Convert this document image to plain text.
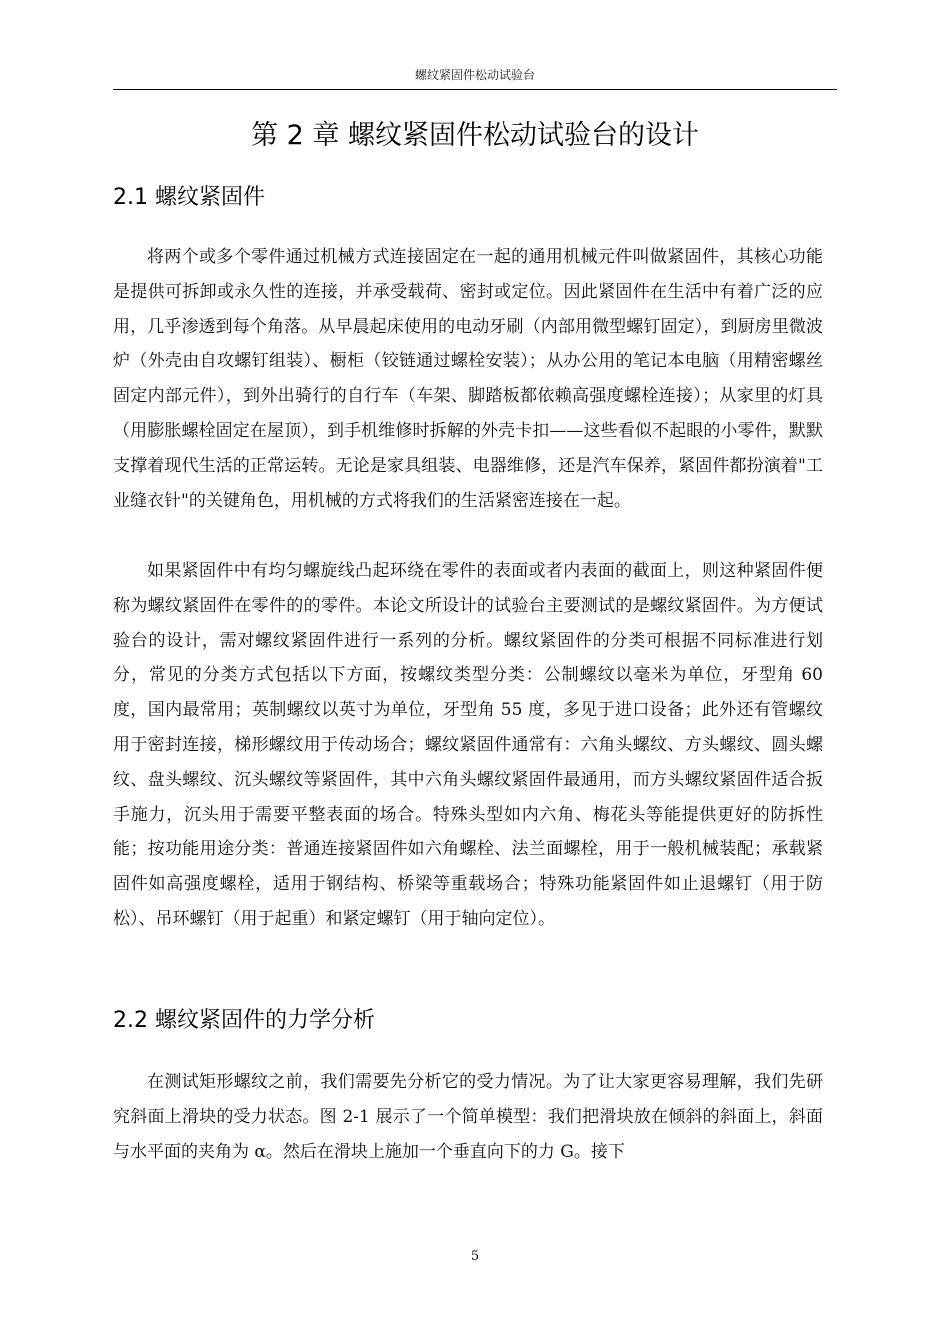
螺纹紧固件松动试验台
第 2 章 螺纹紧固件松动试验台的设计
2.1 螺纹紧固件

将两个或多个零件通过机械方式连接固定在一起的通用机械元件叫做紧固件，其核心功能是提供可拆卸或永久性的连接，并承受载荷、密封或定位。因此紧固件在生活中有着广泛的应用，几乎渗透到每个角落。从早晨起床使用的电动牙刷（内部用微型螺钉固定），到厨房里微波炉（外壳由自攻螺钉组装）、橱柜（铰链通过螺栓安装）；从办公用的笔记本电脑（用精密螺丝固定内部元件），到外出骑行的自行车（车架、脚踏板都依赖高强度螺栓连接）；从家里的灯具（用膨胀螺栓固定在屋顶），到手机维修时拆解的外壳卡扣——这些看似不起眼的小零件，默默支撑着现代生活的正常运转。无论是家具组装、电器维修，还是汽车保养，紧固件都扮演着"工业缝衣针"的关键角色，用机械的方式将我们的生活紧密连接在一起。

如果紧固件中有均匀螺旋线凸起环绕在零件的表面或者内表面的截面上，则这种紧固件便称为螺纹紧固件在零件的的零件。本论文所设计的试验台主要测试的是螺纹紧固件。为方便试验台的设计，需对螺纹紧固件进行一系列的分析。螺纹紧固件的分类可根据不同标准进行划分，常见的分类方式包括以下方面，按螺纹类型分类：公制螺纹以毫米为单位，牙型角 60 度，国内最常用；英制螺纹以英寸为单位，牙型角 55 度，多见于进口设备；此外还有管螺纹用于密封连接，梯形螺纹用于传动场合；螺纹紧固件通常有：六角头螺纹、方头螺纹、圆头螺纹、盘头螺纹、沉头螺纹等紧固件，其中六角头螺纹紧固件最通用，而方头螺纹紧固件适合扳手施力，沉头用于需要平整表面的场合。特殊头型如内六角、梅花头等能提供更好的防拆性能；按功能用途分类：普通连接紧固件如六角螺栓、法兰面螺栓，用于一般机械装配；承载紧固件如高强度螺栓，适用于钢结构、桥梁等重载场合；特殊功能紧固件如止退螺钉（用于防松）、吊环螺钉（用于起重）和紧定螺钉（用于轴向定位）。

2.2 螺纹紧固件的力学分析

在测试矩形螺纹之前，我们需要先分析它的受力情况。为了让大家更容易理解，我们先研究斜面上滑块的受力状态。图 2-1 展示了一个简单模型：我们把滑块放在倾斜的斜面上，斜面与水平面的夹角为 α。然后在滑块上施加一个垂直向下的力 G。接下

5
